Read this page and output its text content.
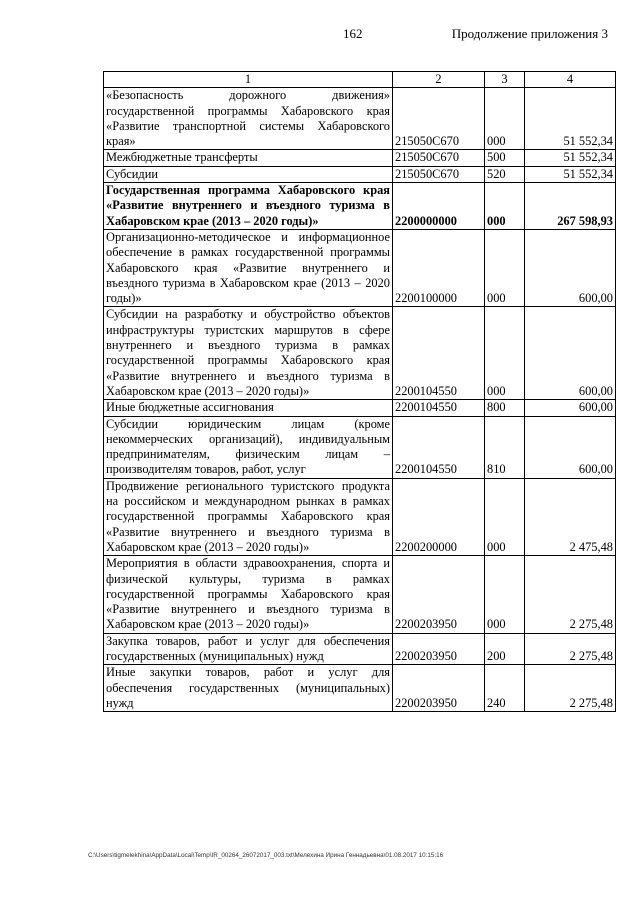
162	Продолжение приложения 3
1	2	3	4
«Безопасность дорожного движения» государственной программы Хабаровского края «Развитие транспортной системы Хабаровского края»	215050С670	000	51 552,34
Межбюджетные трансферты	215050С670	500	51 552,34
Субсидии	215050С670	520	51 552,34
Государственная программа Хабаровского края «Развитие внутреннего и въездного туризма в Хабаровском крае (2013 – 2020 годы)»	2200000000	000	267 598,93
Организационно-методическое и информационное обеспечение в рамках государственной программы Хабаровского края «Развитие внутреннего и въездного туризма в Хабаровском крае (2013 – 2020 годы)»	2200100000	000	600,00
Субсидии на разработку и обустройство объектов инфраструктуры туристских маршрутов в сфере внутреннего и въездного туризма в рамках государственной программы Хабаровского края «Развитие внутреннего и въездного туризма в Хабаровском крае (2013 – 2020 годы)»	2200104550	000	600,00
Иные бюджетные ассигнования	2200104550	800	600,00
Субсидии юридическим лицам (кроме некоммерческих организаций), индивидуальным предпринимателям, физическим лицам – производителям товаров, работ, услуг	2200104550	810	600,00
Продвижение регионального туристского продукта на российском и международном рынках в рамках государственной программы Хабаровского края «Развитие внутреннего и въездного туризма в Хабаровском крае (2013 – 2020 годы)»	2200200000	000	2 475,48
Мероприятия в области здравоохранения, спорта и физической культуры, туризма в рамках государственной программы Хабаровского края «Развитие внутреннего и въездного туризма в Хабаровском крае (2013 – 2020 годы)»	2200203950	000	2 275,48
Закупка товаров, работ и услуг для обеспечения государственных (муниципальных) нужд	2200203950	200	2 275,48
Иные закупки товаров, работ и услуг для обеспечения государственных (муниципальных) нужд	2200203950	240	2 275,48
C:\Users\tigmelekhina\AppData\Local\Temp\IR_00264_26072017_003.txt\Мелехина Ирина Геннадьевна\01.08.2017 10:15:16
